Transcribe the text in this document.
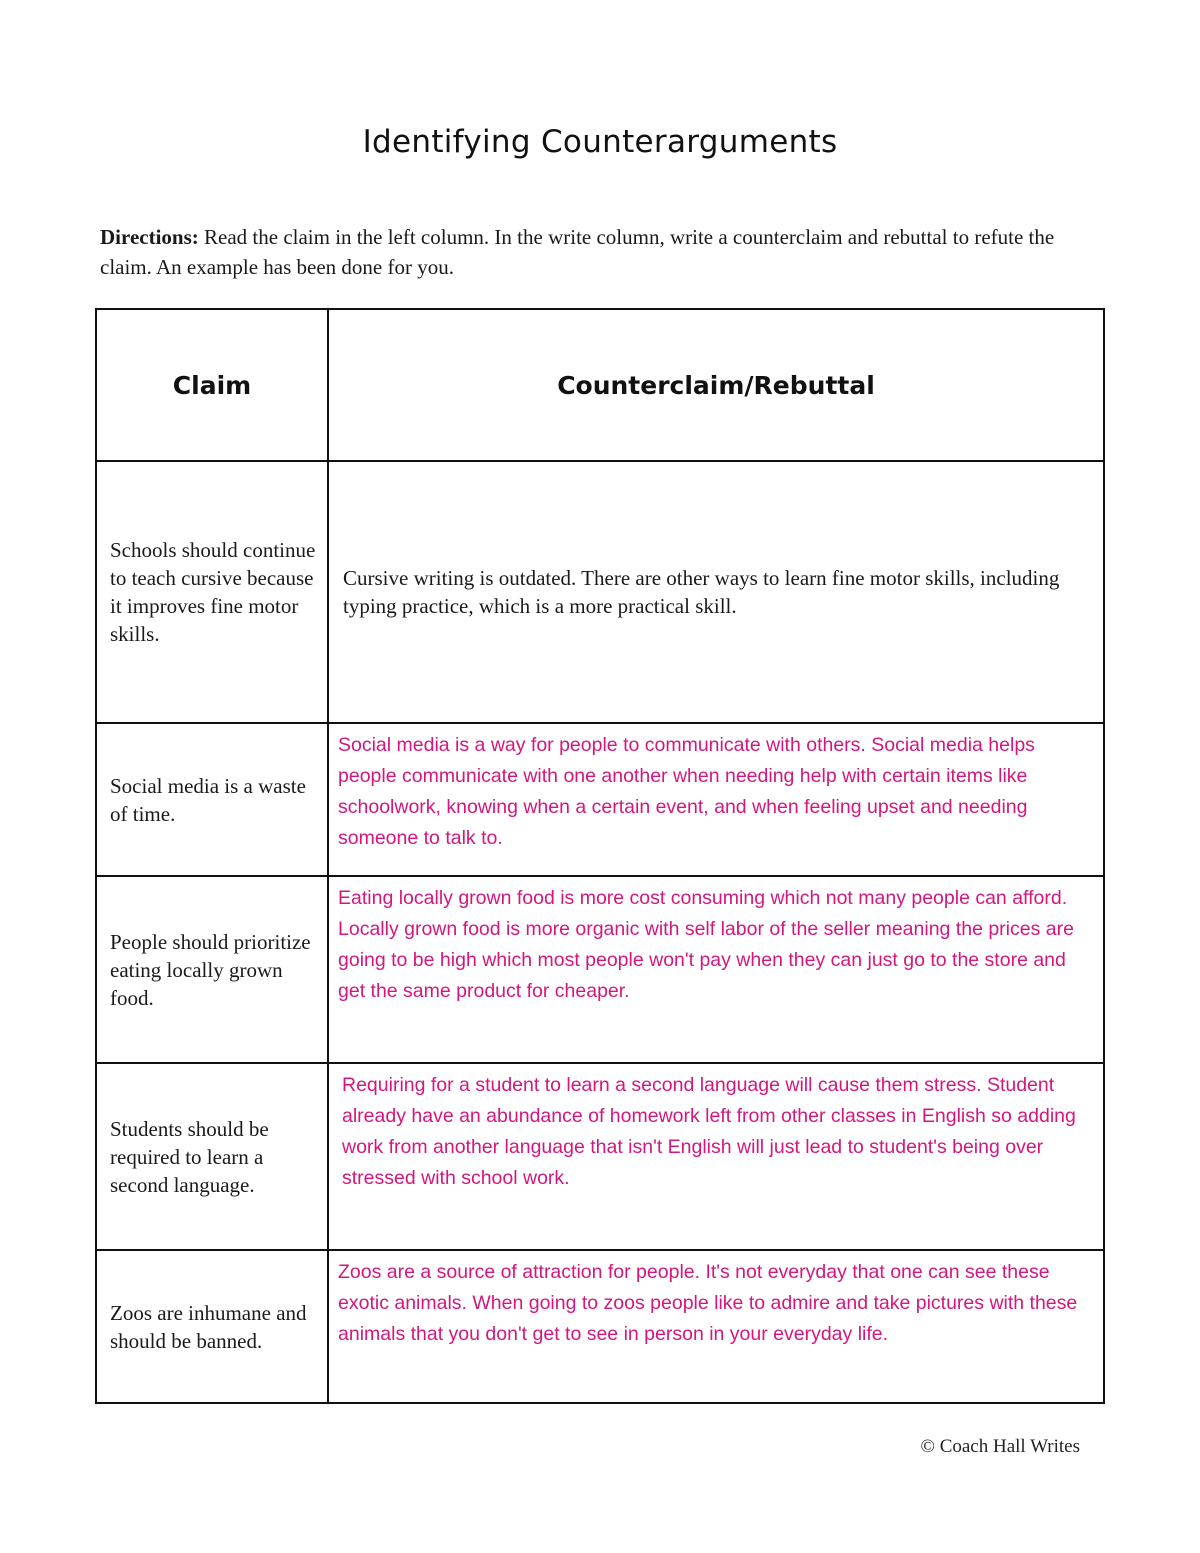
Identifying Counterarguments

Directions: Read the claim in the left column. In the write column, write a counterclaim and rebuttal to refute the claim. An example has been done for you.

Claim	Counterclaim/Rebuttal
Schools should continue to teach cursive because it improves fine motor skills.	Cursive writing is outdated. There are other ways to learn fine motor skills, including typing practice, which is a more practical skill.
Social media is a waste of time.	Social media is a way for people to communicate with others. Social media helps people communicate with one another when needing help with certain items like schoolwork, knowing when a certain event, and when feeling upset and needing someone to talk to.
People should prioritize eating locally grown food.	Eating locally grown food is more cost consuming which not many people can afford. Locally grown food is more organic with self labor of the seller meaning the prices are going to be high which most people won't pay when they can just go to the store and get the same product for cheaper.
Students should be required to learn a second language.	Requiring for a student to learn a second language will cause them stress. Student already have an abundance of homework left from other classes in English so adding work from another language that isn't English will just lead to student's being over stressed with school work.
Zoos are inhumane and should be banned.	Zoos are a source of attraction for people. It's not everyday that one can see these exotic animals. When going to zoos people like to admire and take pictures with these animals that you don't get to see in person in your everyday life.

© Coach Hall Writes
